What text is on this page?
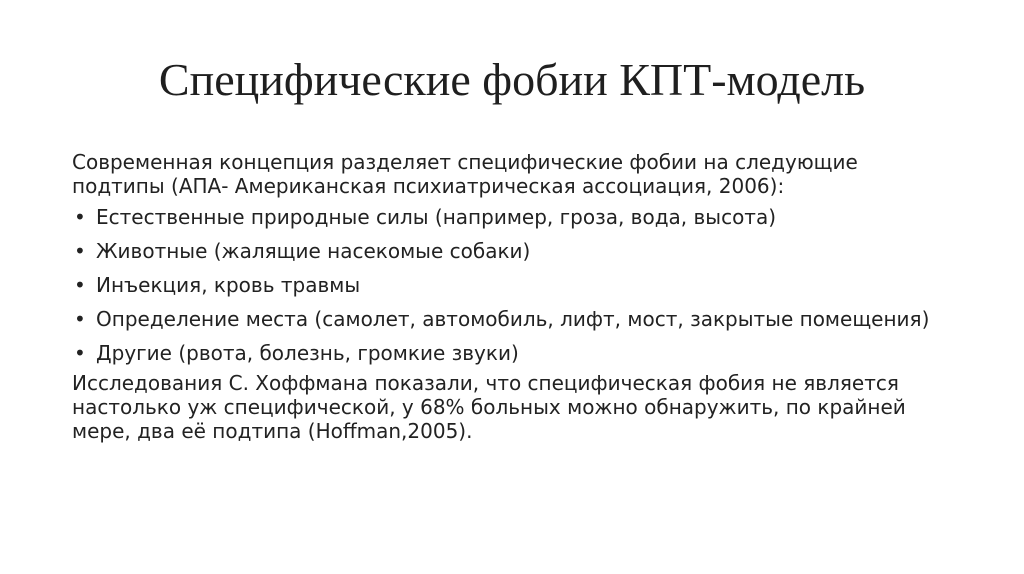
Специфические фобии КПТ-модель

Современная концепция разделяет специфические фобии на следующие подтипы (АПА- Американская психиатрическая ассоциация, 2006):

• Естественные природные силы (например, гроза, вода, высота)
• Животные (жалящие насекомые собаки)
• Инъекция, кровь травмы
• Определение места (самолет, автомобиль, лифт, мост, закрытые помещения)
• Другие (рвота, болезнь, громкие звуки)

Исследования С. Хоффмана показали, что специфическая фобия не является настолько уж специфической, у 68% больных можно обнаружить, по крайней мере, два её подтипа (Hoffman,2005).
